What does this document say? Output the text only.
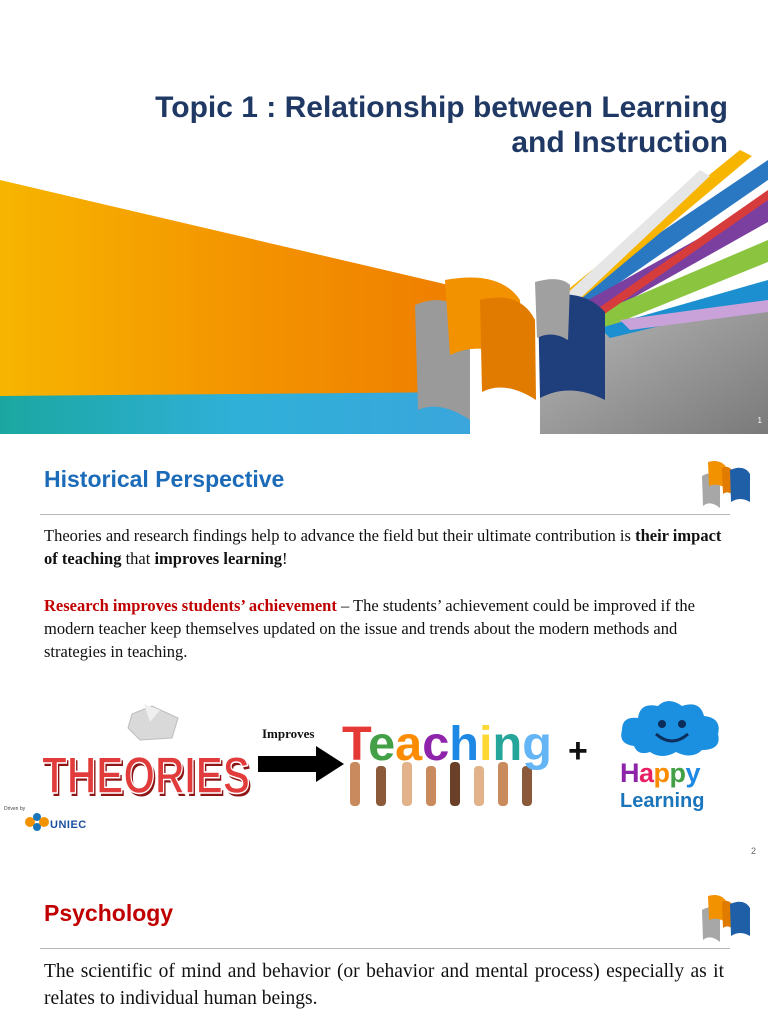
Topic 1 : Relationship between Learning
and Instruction
1
Historical Perspective

Theories and research findings help to advance the field but their ultimate contribution is their impact of teaching that improves learning!

Research improves students’ achievement – The students’ achievement could be improved if the modern teacher keep themselves updated on the issue and trends about the modern methods and strategies in teaching.

THEORIES
THEORIES
Improves Teaching +
Happy
Learning
Driven by
UNIEC
2
Psychology

The scientific of mind and behavior (or behavior and mental process) especially as it relates to individual human beings.
